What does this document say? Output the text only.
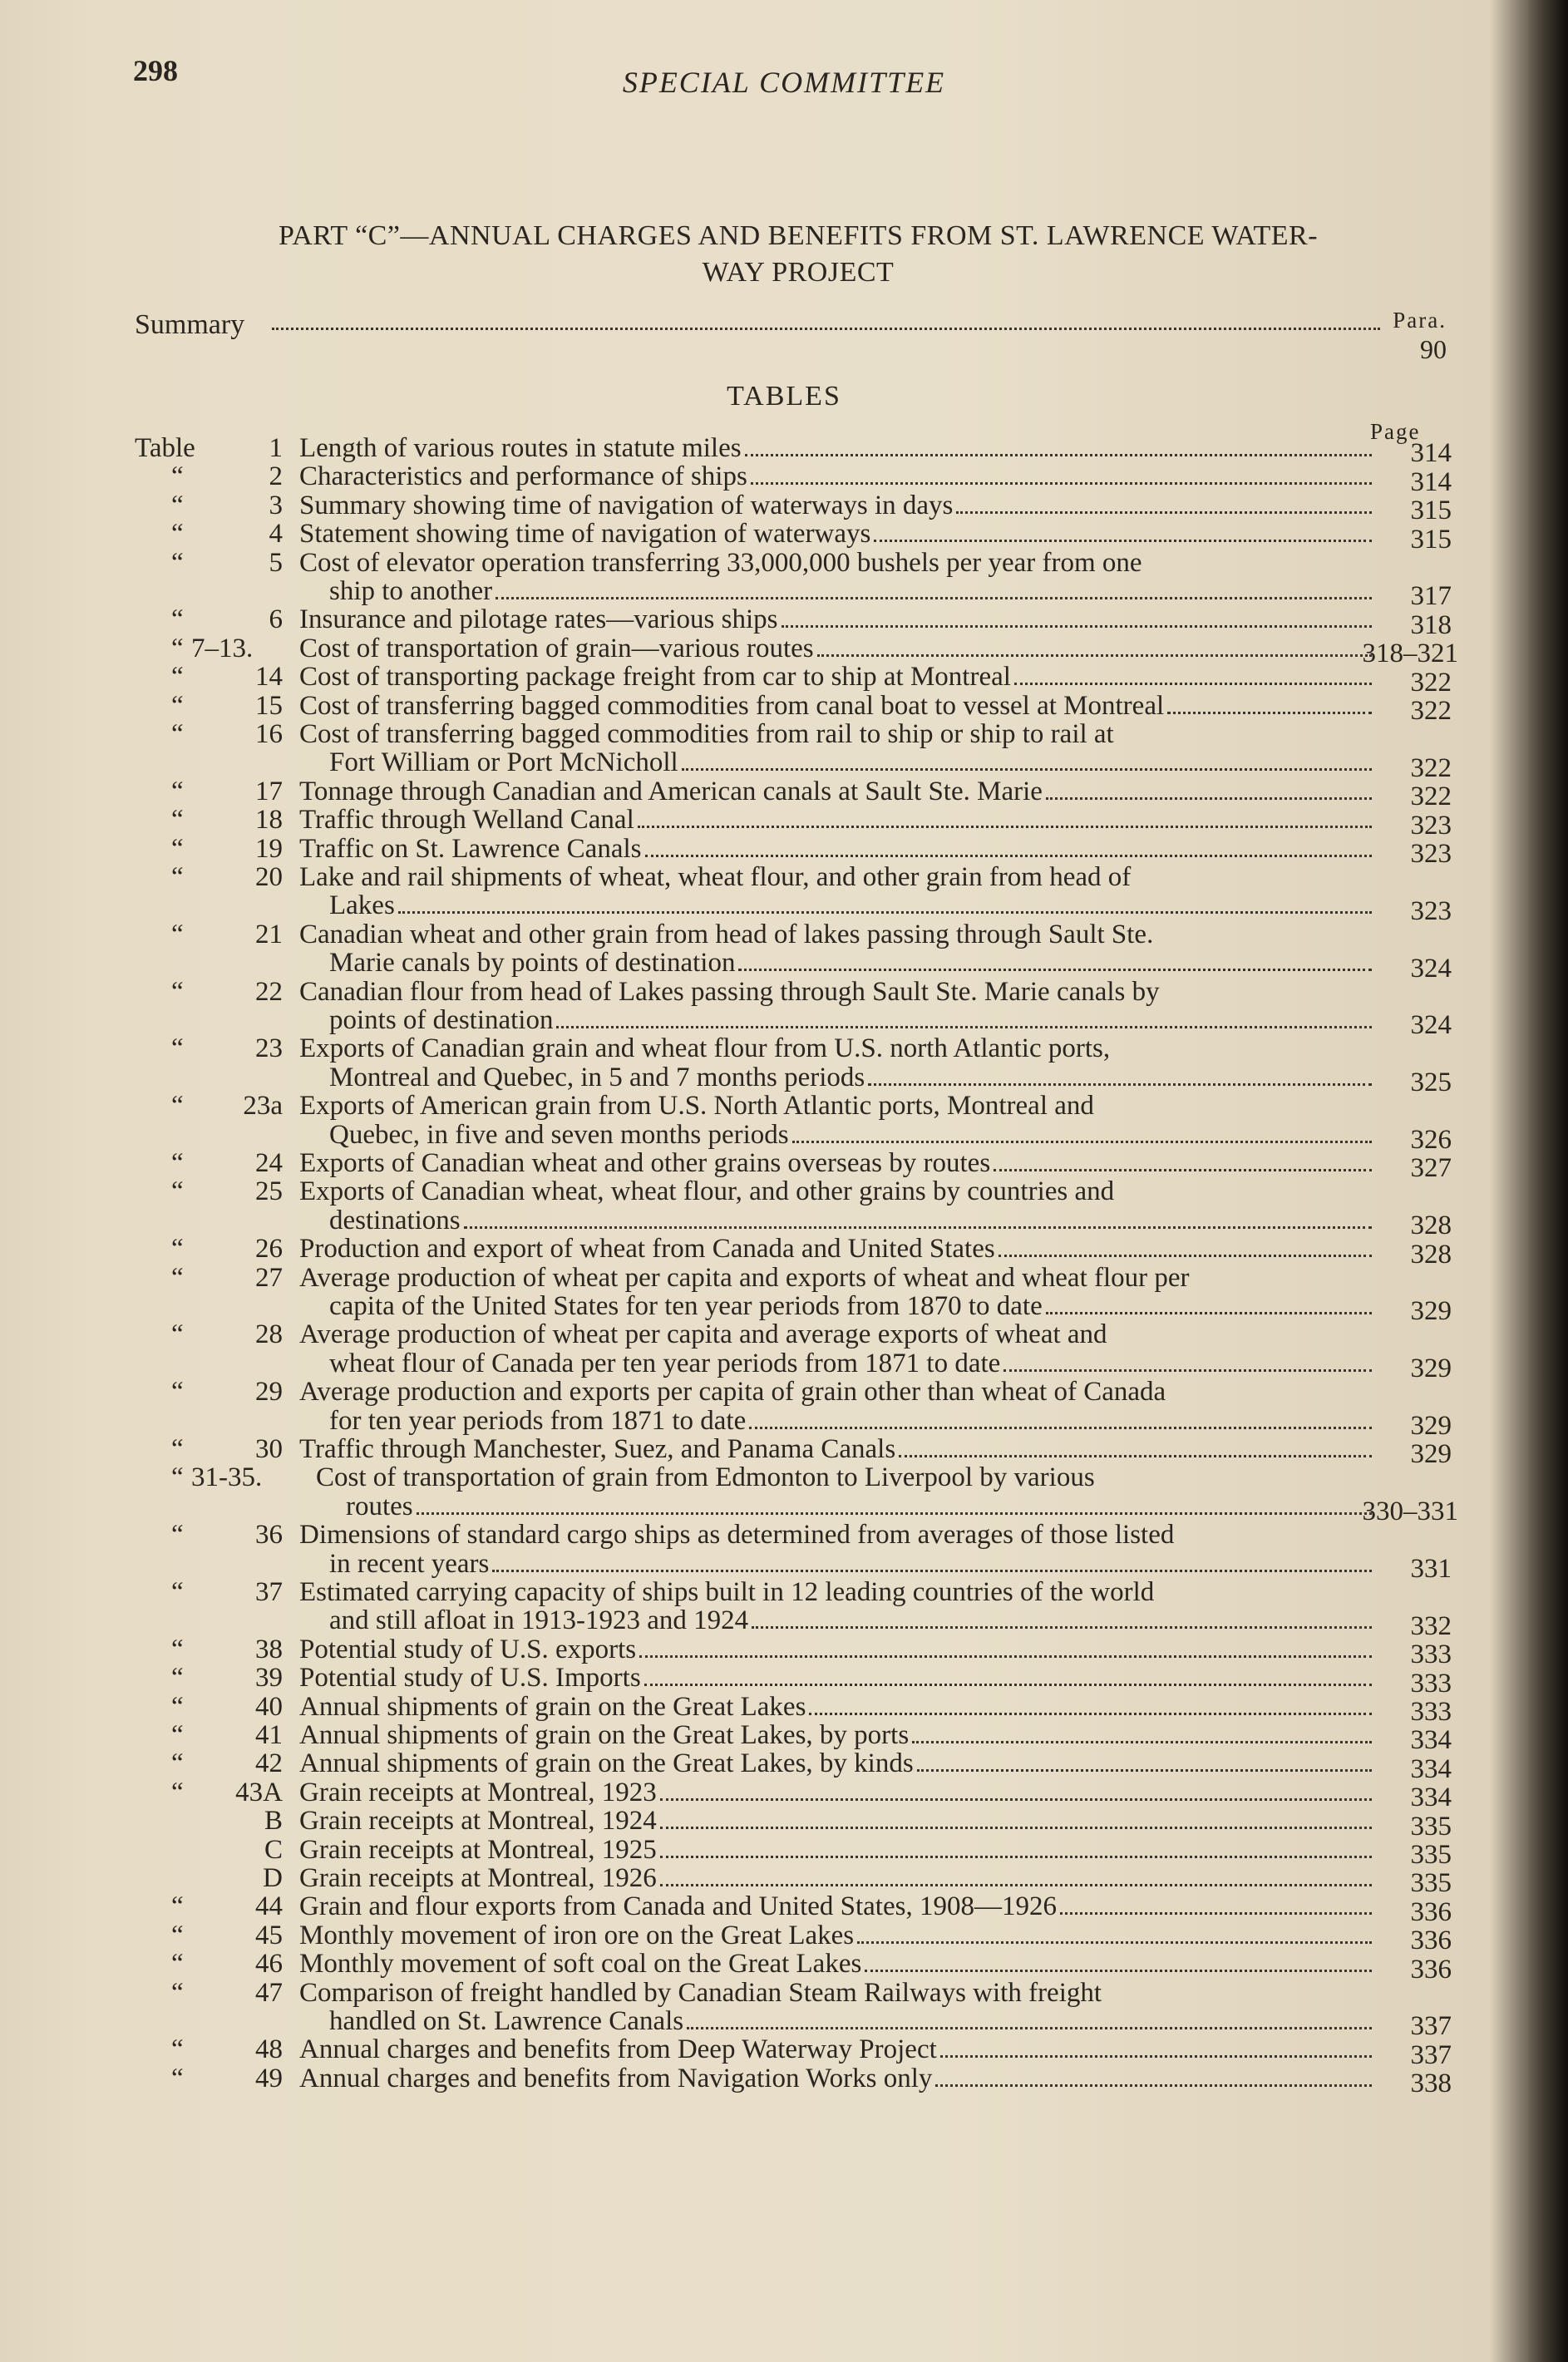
298	SPECIAL COMMITTEE
PART “C”—ANNUAL CHARGES AND BENEFITS FROM ST. LAWRENCE WATER-
WAY PROJECT
Summary	Para.
90
TABLES
Page
Table	1 Length of various routes in statute miles	314
“	2 Characteristics and performance of ships	314
“	3 Summary showing time of navigation of waterways in days	315
“	4 Statement showing time of navigation of waterways	315
“	5 Cost of elevator operation transferring 33,000,000 bushels per year from one
ship to another	317
“	6 Insurance and pilotage rates—various ships	318
“ 7–13. Cost of transportation of grain—various routes	318–321
“	14 Cost of transporting package freight from car to ship at Montreal	322
“	15 Cost of transferring bagged commodities from canal boat to vessel at Montreal	322
“	16 Cost of transferring bagged commodities from rail to ship or ship to rail at
Fort William or Port McNicholl	322
“	17 Tonnage through Canadian and American canals at Sault Ste. Marie	322
“	18 Traffic through Welland Canal	323
“	19 Traffic on St. Lawrence Canals	323
“	20 Lake and rail shipments of wheat, wheat flour, and other grain from head of
Lakes	323
“	21 Canadian wheat and other grain from head of lakes passing through Sault Ste.
Marie canals by points of destination	324
“	22 Canadian flour from head of Lakes passing through Sault Ste. Marie canals by
points of destination	324
“	23 Exports of Canadian grain and wheat flour from U.S. north Atlantic ports,
Montreal and Quebec, in 5 and 7 months periods	325
“	23a Exports of American grain from U.S. North Atlantic ports, Montreal and
Quebec, in five and seven months periods	326
“	24 Exports of Canadian wheat and other grains overseas by routes	327
“	25 Exports of Canadian wheat, wheat flour, and other grains by countries and
destinations	328
“	26 Production and export of wheat from Canada and United States	328
“	27 Average production of wheat per capita and exports of wheat and wheat flour per
capita of the United States for ten year periods from 1870 to date	329
“	28 Average production of wheat per capita and average exports of wheat and
wheat flour of Canada per ten year periods from 1871 to date	329
“	29 Average production and exports per capita of grain other than wheat of Canada
for ten year periods from 1871 to date	329
“	30 Traffic through Manchester, Suez, and Panama Canals	329
“ 31-35. Cost of transportation of grain from Edmonton to Liverpool by various
routes	330–331
“	36 Dimensions of standard cargo ships as determined from averages of those listed
in recent years	331
“	37 Estimated carrying capacity of ships built in 12 leading countries of the world
and still afloat in 1913-1923 and 1924	332
“	38 Potential study of U.S. exports	333
“	39 Potential study of U.S. Imports	333
“	40 Annual shipments of grain on the Great Lakes	333
“	41 Annual shipments of grain on the Great Lakes, by ports	334
“	42 Annual shipments of grain on the Great Lakes, by kinds	334
“	43A Grain receipts at Montreal, 1923	334
B Grain receipts at Montreal, 1924	335
C Grain receipts at Montreal, 1925	335
D Grain receipts at Montreal, 1926	335
“	44 Grain and flour exports from Canada and United States, 1908—1926	336
“	45 Monthly movement of iron ore on the Great Lakes	336
“	46 Monthly movement of soft coal on the Great Lakes	336
“	47 Comparison of freight handled by Canadian Steam Railways with freight
handled on St. Lawrence Canals	337
“	48 Annual charges and benefits from Deep Waterway Project	337
“	49 Annual charges and benefits from Navigation Works only	338
